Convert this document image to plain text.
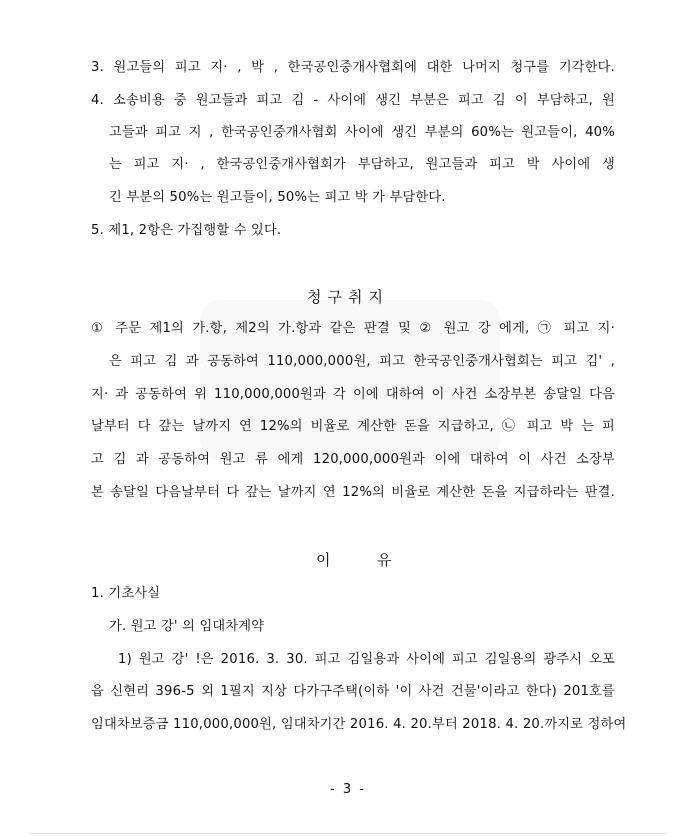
3. 원고들의 피고 지· , 박 , 한국공인중개사협회에 대한 나머지 청구를 기각한다.
4. 소송비용 중 원고들과 피고 김 - 사이에 생긴 부분은 피고 김 이 부담하고, 원
고들과 피고 지 , 한국공인중개사협회 사이에 생긴 부분의 60%는 원고들이, 40%
는 피고 지· , 한국공인중개사협회가 부담하고, 원고들과 피고 박 사이에 생
긴 부분의 50%는 원고들이, 50%는 피고 박 가 부담한다.
5. 제1, 2항은 가집행할 수 있다.
청구취지
① 주문 제1의 가.항, 제2의 가.항과 같은 판결 및 ② 원고 강 에게, ㉠ 피고 지·
은 피고 김 과 공동하여 110,000,000원, 피고 한국공인중개사협회는 피고 김' ,
지· 과 공동하여 위 110,000,000원과 각 이에 대하여 이 사건 소장부본 송달일 다음
날부터 다 갚는 날까지 연 12%의 비율로 계산한 돈을 지급하고, ㉡ 피고 박 는 피
고 김 과 공동하여 원고 류 에게 120,000,000원과 이에 대하여 이 사건 소장부
본 송달일 다음날부터 다 갚는 날까지 연 12%의 비율로 계산한 돈을 지급하라는 판결.
이	유
1. 기초사실
가. 원고 강' 의 임대차계약
1) 원고 강' !은 2016. 3. 30. 피고 김일용과 사이에 피고 김일용의 광주시 오포
읍 신현리 396-5 외 1필지 지상 다가구주택(이하 '이 사건 건물'이라고 한다) 201호를
임대차보증금 110,000,000원, 임대차기간 2016. 4. 20.부터 2018. 4. 20.까지로 정하여
- 3 -
